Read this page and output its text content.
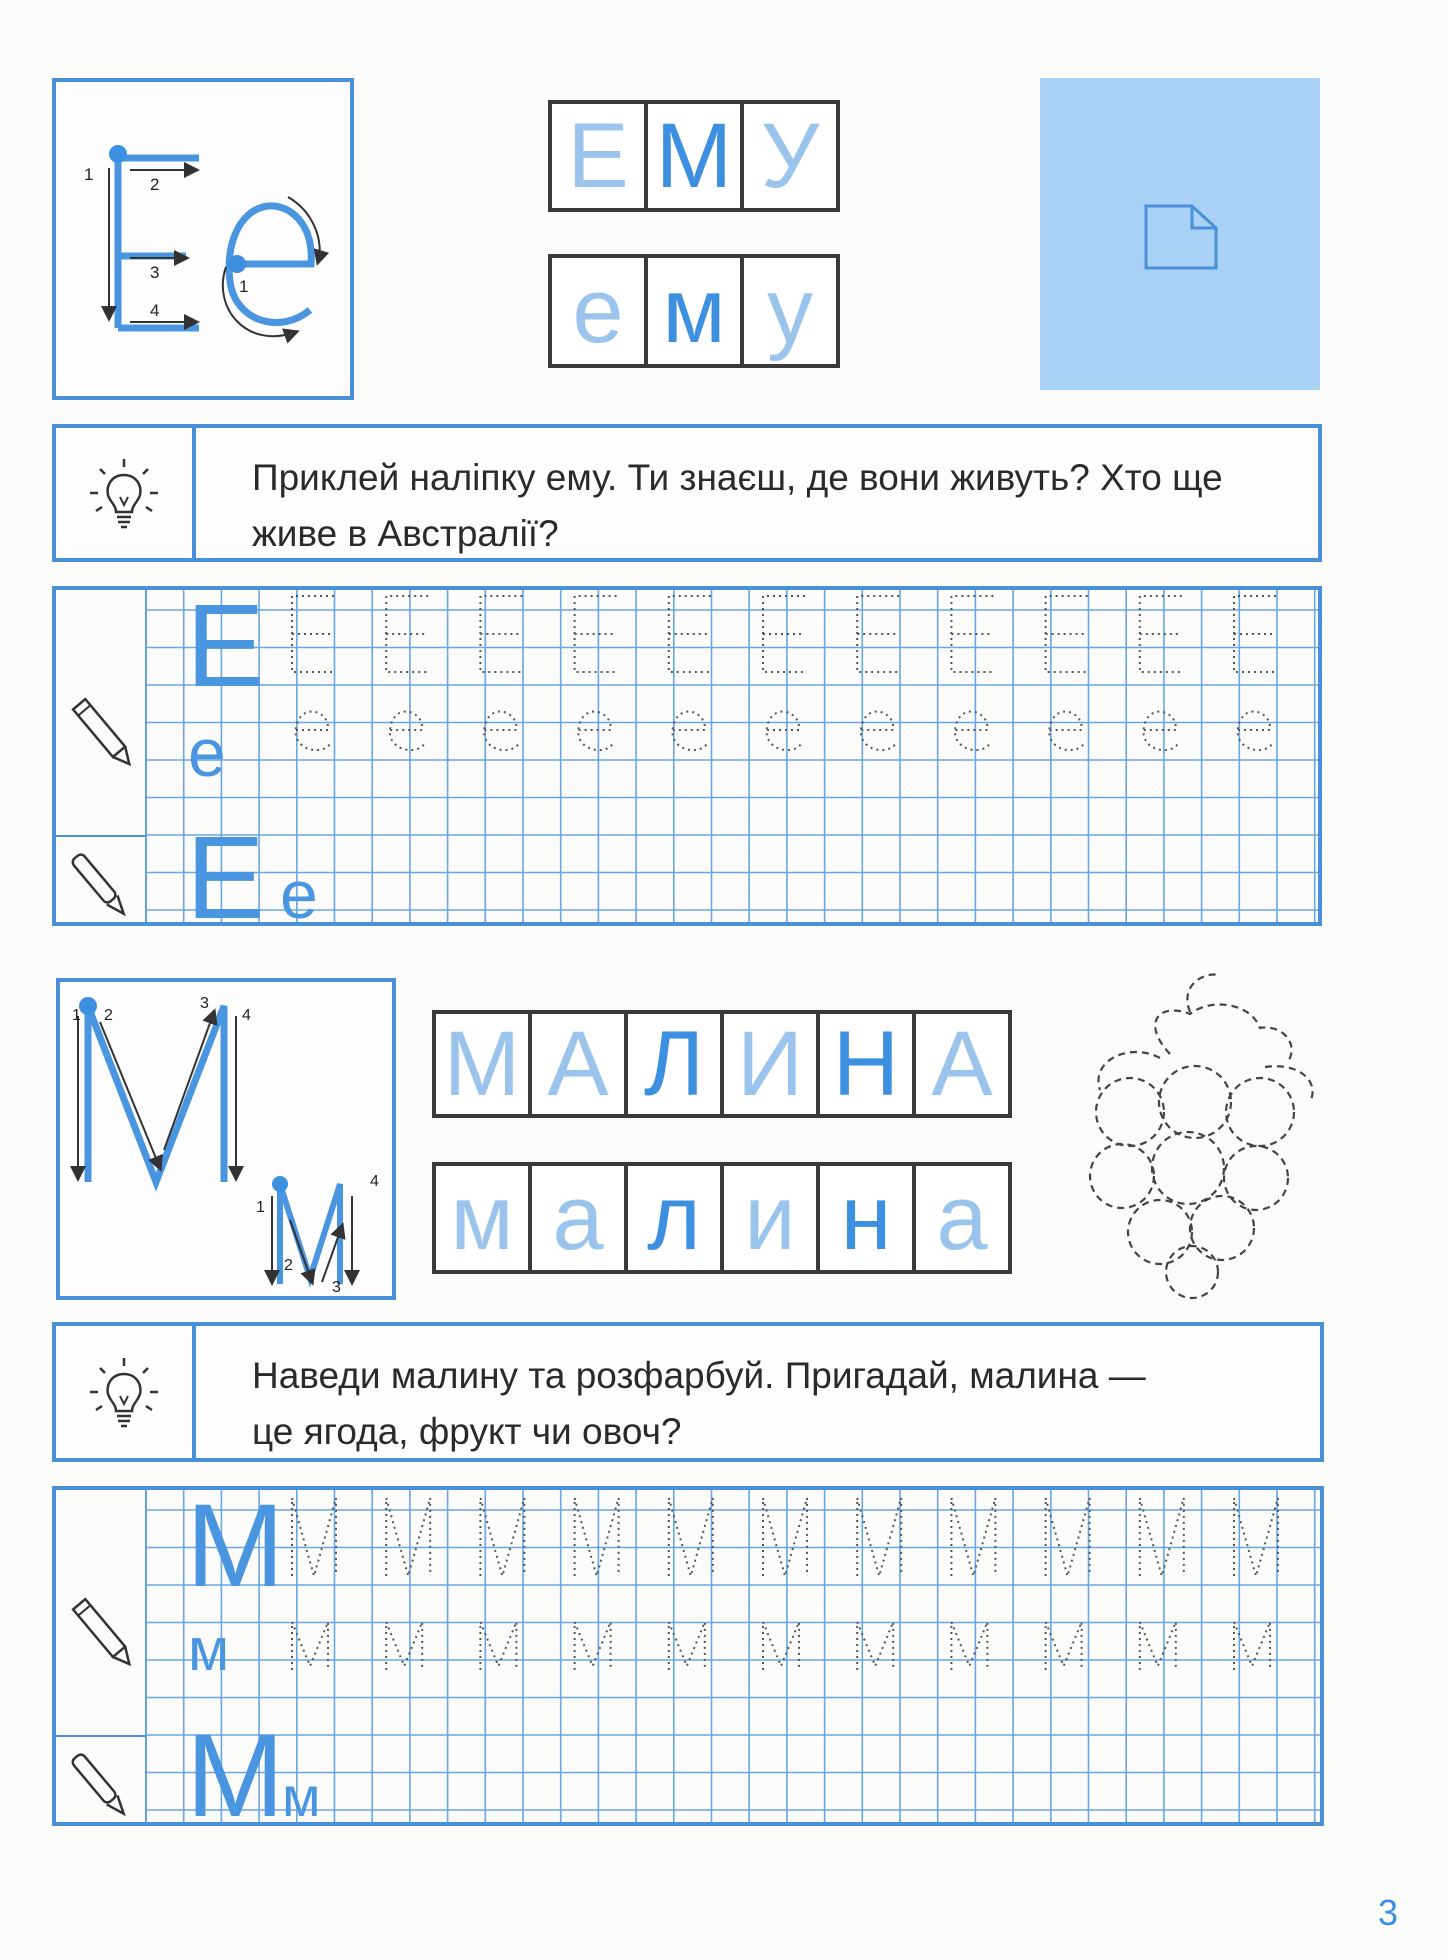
1
2
3
4
1
Е М У
е м у
Приклей наліпку ему. Ти знаєш, де вони живуть? Хто ще
живе в Австралії?
Е
е
Е е
1 2
3
4
1
2
3
4
М А Л И Н А
м а л и н а
Наведи малину та розфарбуй. Пригадай, малина —
це ягода, фрукт чи овоч?
М
м
М
м
3
